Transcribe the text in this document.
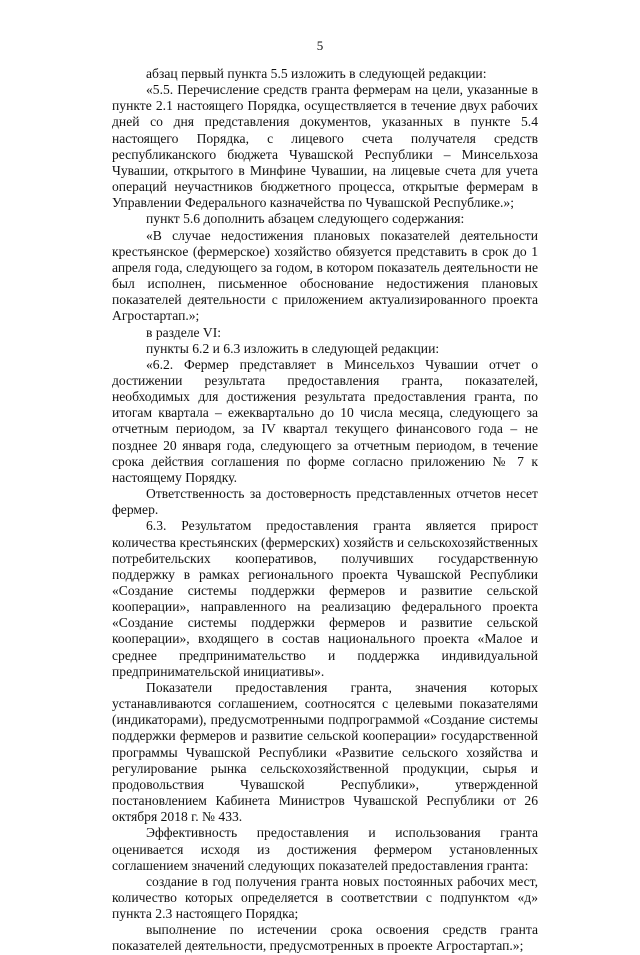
5

абзац первый пункта 5.5 изложить в следующей редакции:

«5.5. Перечисление средств гранта фермерам на цели, указанные в пункте 2.1 настоящего Порядка, осуществляется в течение двух рабочих дней со дня представления документов, указанных в пункте 5.4 настоящего Порядка, с лицевого счета получателя средств республиканского бюджета Чувашской Республики – Минсельхоза Чувашии, открытого в Минфине Чувашии, на лицевые счета для учета операций неучастников бюджетного процесса, открытые фермерам в Управлении Федерального казначейства по Чувашской Республике.»;

пункт 5.6 дополнить абзацем следующего содержания:

«В случае недостижения плановых показателей деятельности крестьянское (фермерское) хозяйство обязуется представить в срок до 1 апреля года, следующего за годом, в котором показатель деятельности не был исполнен, письменное обоснование недостижения плановых показателей деятельности с приложением актуализированного проекта Агростартап.»;

в разделе VI:

пункты 6.2 и 6.3 изложить в следующей редакции:

«6.2. Фермер представляет в Минсельхоз Чувашии отчет о достижении результата предоставления гранта, показателей, необходимых для достижения результата предоставления гранта, по итогам квартала – ежеквартально до 10 числа месяца, следующего за отчетным периодом, за IV квартал текущего финансового года – не позднее 20 января года, следующего за отчетным периодом, в течение срока действия соглашения по форме согласно приложению № 7 к настоящему Порядку.

Ответственность за достоверность представленных отчетов несет фермер.

6.3. Результатом предоставления гранта является прирост количества крестьянских (фермерских) хозяйств и сельскохозяйственных потребительских кооперативов, получивших государственную поддержку в рамках регионального проекта Чувашской Республики «Создание системы поддержки фермеров и развитие сельской кооперации», направленного на реализацию федерального проекта «Создание системы поддержки фермеров и развитие сельской кооперации», входящего в состав национального проекта «Малое и среднее предпринимательство и поддержка индивидуальной предпринимательской инициативы».

Показатели предоставления гранта, значения которых устанавливаются соглашением, соотносятся с целевыми показателями (индикаторами), предусмотренными подпрограммой «Создание системы поддержки фермеров и развитие сельской кооперации» государственной программы Чувашской Республики «Развитие сельского хозяйства и регулирование рынка сельскохозяйственной продукции, сырья и продовольствия Чувашской Республики», утвержденной постановлением Кабинета Министров Чувашской Республики от 26 октября 2018 г. № 433.

Эффективность предоставления и использования гранта оценивается исходя из достижения фермером установленных соглашением значений следующих показателей предоставления гранта:

создание в год получения гранта новых постоянных рабочих мест, количество которых определяется в соответствии с подпунктом «д» пункта 2.3 настоящего Порядка;

выполнение по истечении срока освоения средств гранта показателей деятельности, предусмотренных в проекте Агростартап.»;
